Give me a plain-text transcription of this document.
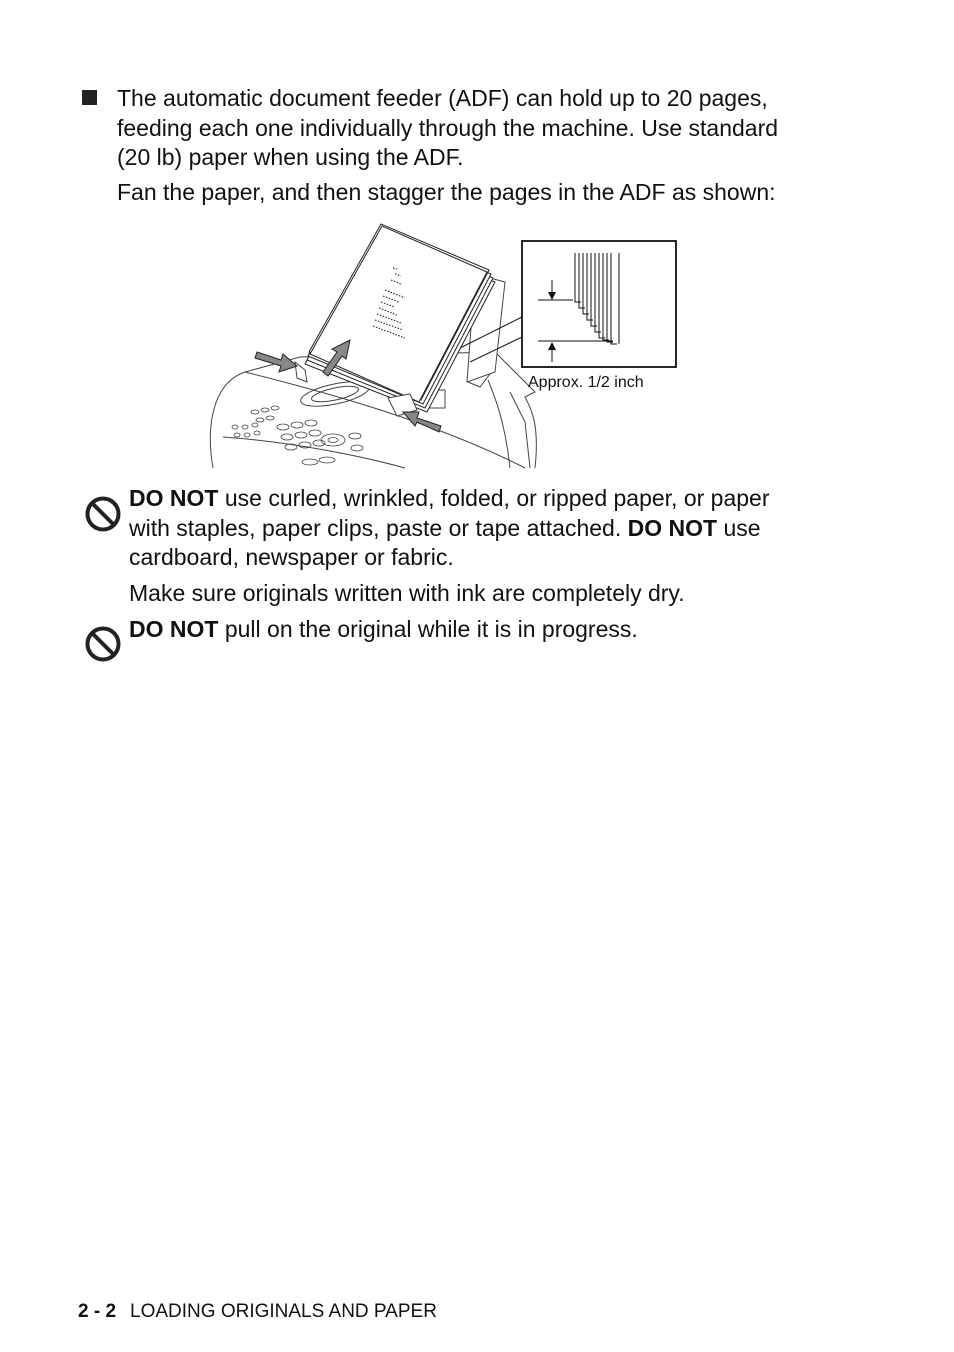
The automatic document feeder (ADF) can hold up to 20 pages,
feeding each one individually through the machine. Use standard
(20 lb) paper when using the ADF.
Fan the paper, and then stagger the pages in the ADF as shown:
Approx. 1/2 inch
DO NOT use curled, wrinkled, folded, or ripped paper, or paper
with staples, paper clips, paste or tape attached. DO NOT use
cardboard, newspaper or fabric.
Make sure originals written with ink are completely dry.
DO NOT pull on the original while it is in progress.
2 - 2 LOADING ORIGINALS AND PAPER
